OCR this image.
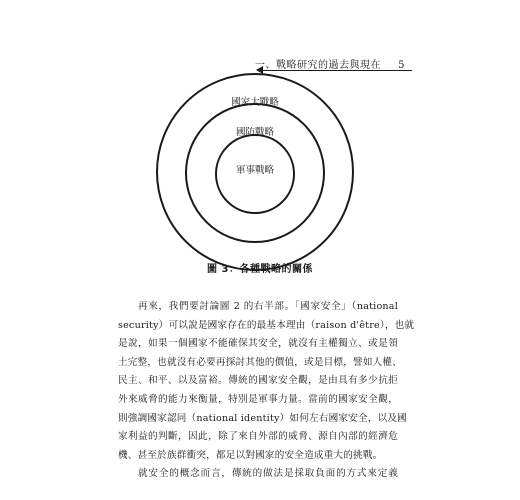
一、戰略研究的過去與現在 5
國家大戰略
國防戰略
軍事戰略
圖 3：各種戰略的關係
再來，我們要討論圖 2 的右半部。「國家安全」（national
security）可以說是國家存在的最基本理由（raison d'être），也就
是說，如果一個國家不能確保其安全，就沒有主權獨立、或是領
土完整，也就沒有必要再探討其他的價值，或是目標，譬如人權、
民主、和平、以及富裕。傳統的國家安全觀，是由具有多少抗拒
外來威脅的能力來衡量，特別是軍事力量。當前的國家安全觀，
則強調國家認同（national identity）如何左右國家安全，以及國
家利益的判斷，因此，除了來自外部的威脅、源自內部的經濟危
機、甚至於族群衝突，都足以對國家的安全造成重大的挑戰。
就安全的概念而言，傳統的做法是採取負面的方式來定義
